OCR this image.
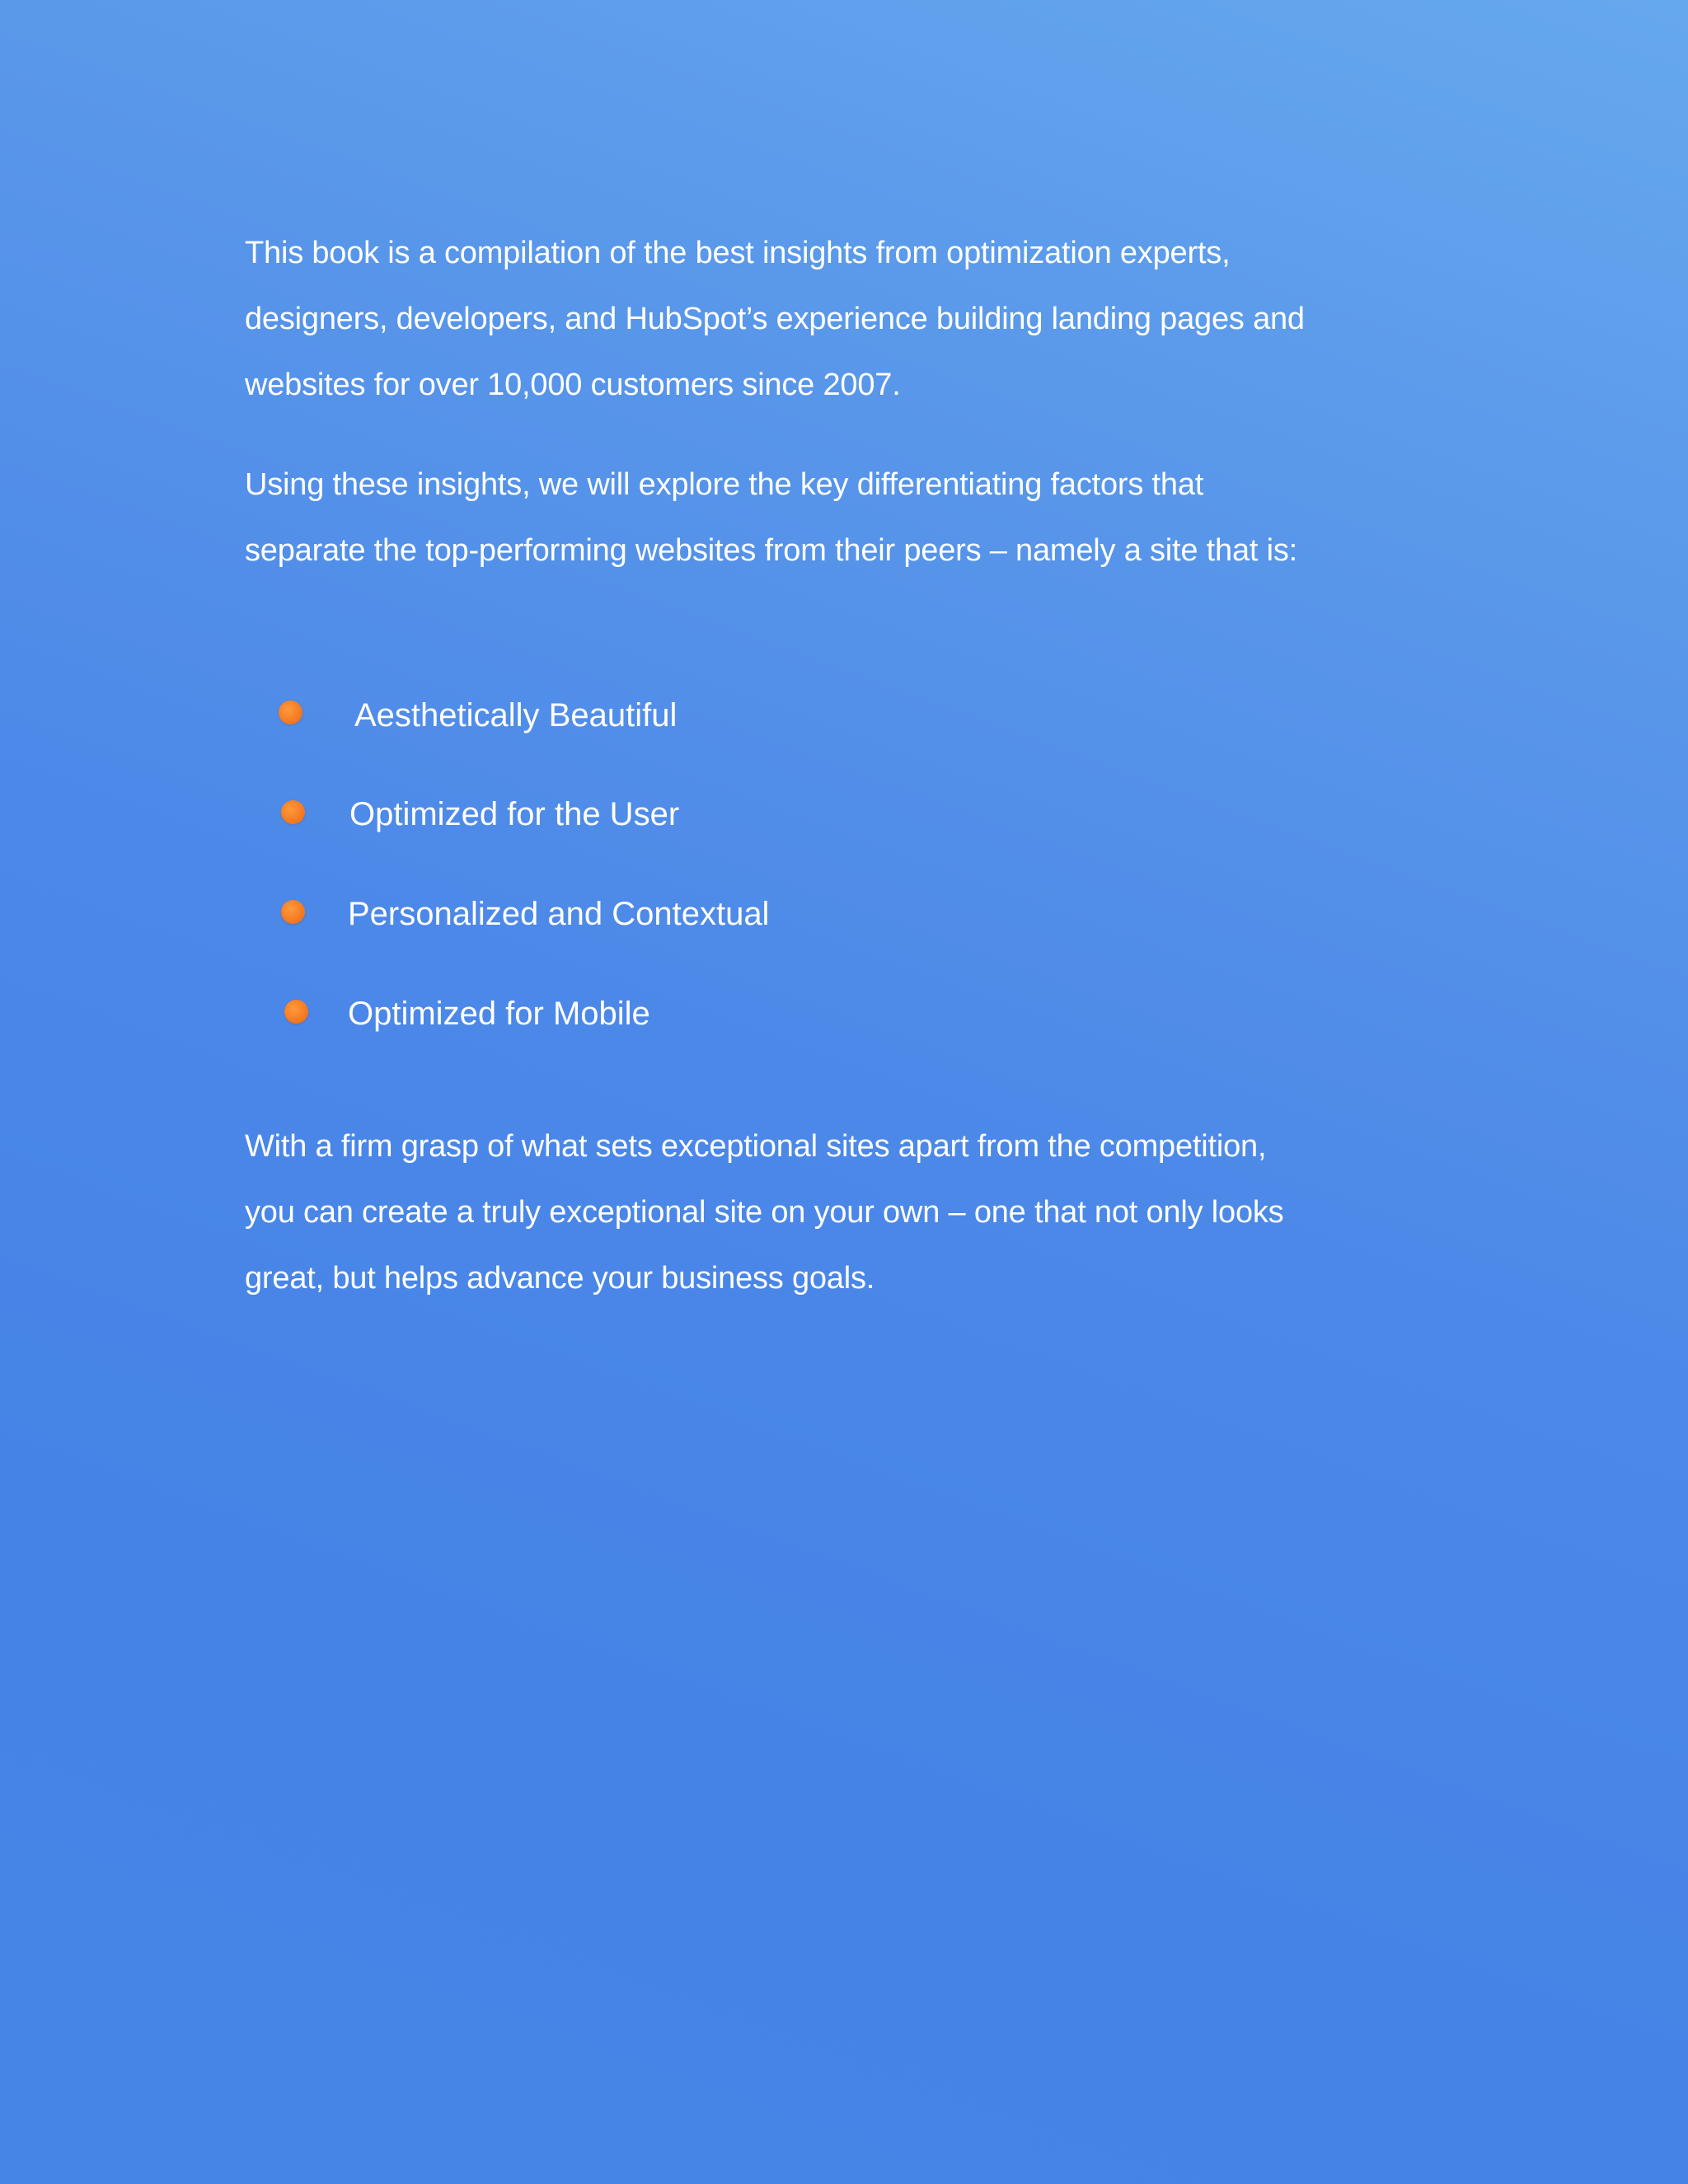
This book is a compilation of the best insights from optimization experts,
designers, developers, and HubSpot’s experience building landing pages and
websites for over 10,000 customers since 2007.

Using these insights, we will explore the key differentiating factors that
separate the top-performing websites from their peers – namely a site that is:

Aesthetically Beautiful
Optimized for the User
Personalized and Contextual
Optimized for Mobile

With a firm grasp of what sets exceptional sites apart from the competition,
you can create a truly exceptional site on your own – one that not only looks
great, but helps advance your business goals.
